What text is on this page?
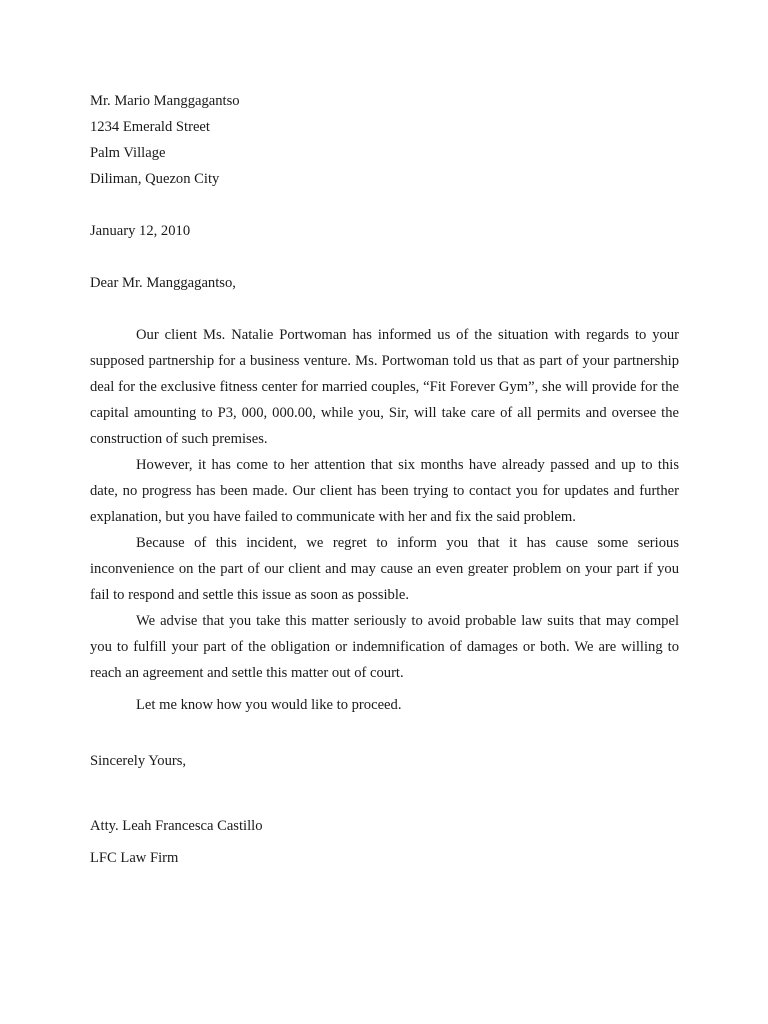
Mr. Mario Manggagantso
1234 Emerald Street
Palm Village
Diliman, Quezon City
January 12, 2010
Dear Mr. Manggagantso,

Our client Ms. Natalie Portwoman has informed us of the situation with regards to your supposed partnership for a business venture. Ms. Portwoman told us that as part of your partnership deal for the exclusive fitness center for married couples, “Fit Forever Gym”, she will provide for the capital amounting to P3, 000, 000.00, while you, Sir, will take care of all permits and oversee the construction of such premises.

However, it has come to her attention that six months have already passed and up to this date, no progress has been made. Our client has been trying to contact you for updates and further explanation, but you have failed to communicate with her and fix the said problem.

Because of this incident, we regret to inform you that it has cause some serious inconvenience on the part of our client and may cause an even greater problem on your part if you fail to respond and settle this issue as soon as possible.

We advise that you take this matter seriously to avoid probable law suits that may compel you to fulfill your part of the obligation or indemnification of damages or both. We are willing to reach an agreement and settle this matter out of court.

Let me know how you would like to proceed.

Sincerely Yours,
Atty. Leah Francesca Castillo
LFC Law Firm
